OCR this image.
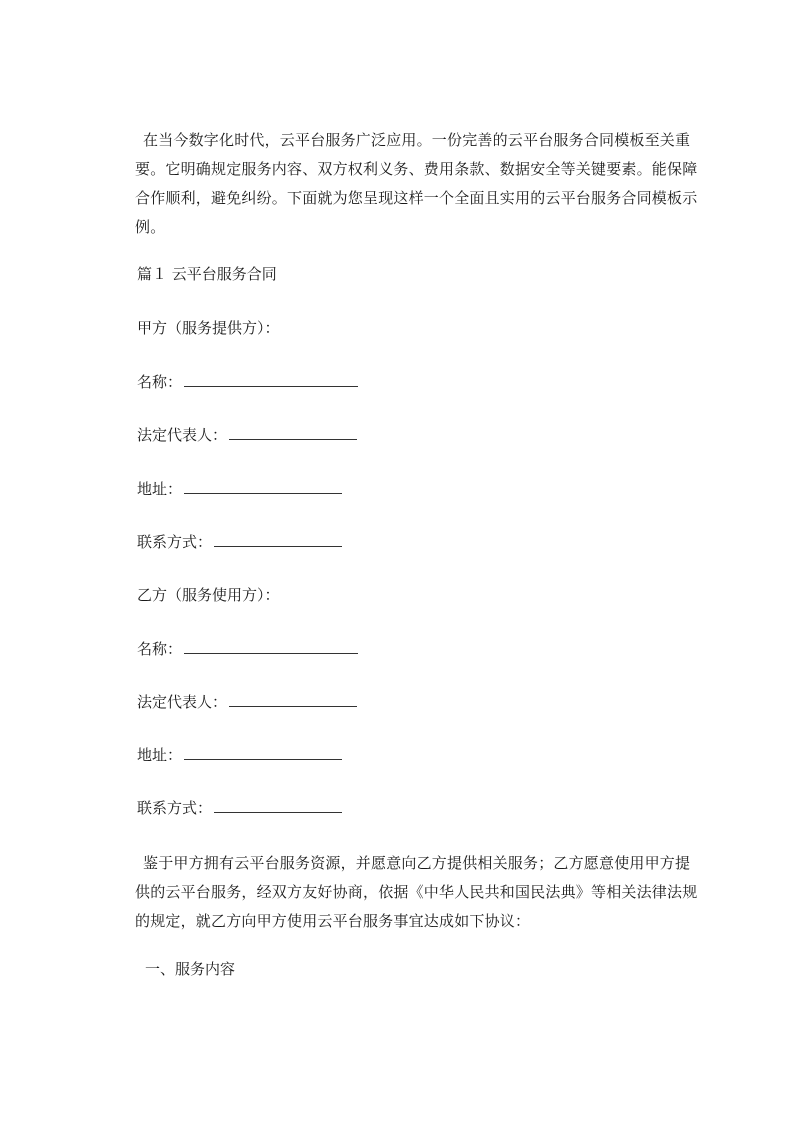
在当今数字化时代，云平台服务广泛应用。一份完善的云平台服务合同模板至关重要。它明确规定服务内容、双方权利义务、费用条款、数据安全等关键要素。能保障合作顺利，避免纠纷。下面就为您呈现这样一个全面且实用的云平台服务合同模板示例。

篇１ 云平台服务合同

甲方（服务提供方）：

名称：

法定代表人：

地址：

联系方式：

乙方（服务使用方）：

名称：

法定代表人：

地址：

联系方式：

鉴于甲方拥有云平台服务资源，并愿意向乙方提供相关服务；乙方愿意使用甲方提供的云平台服务，经双方友好协商，依据《中华人民共和国民法典》等相关法律法规的规定，就乙方向甲方使用云平台服务事宜达成如下协议：

一、服务内容
